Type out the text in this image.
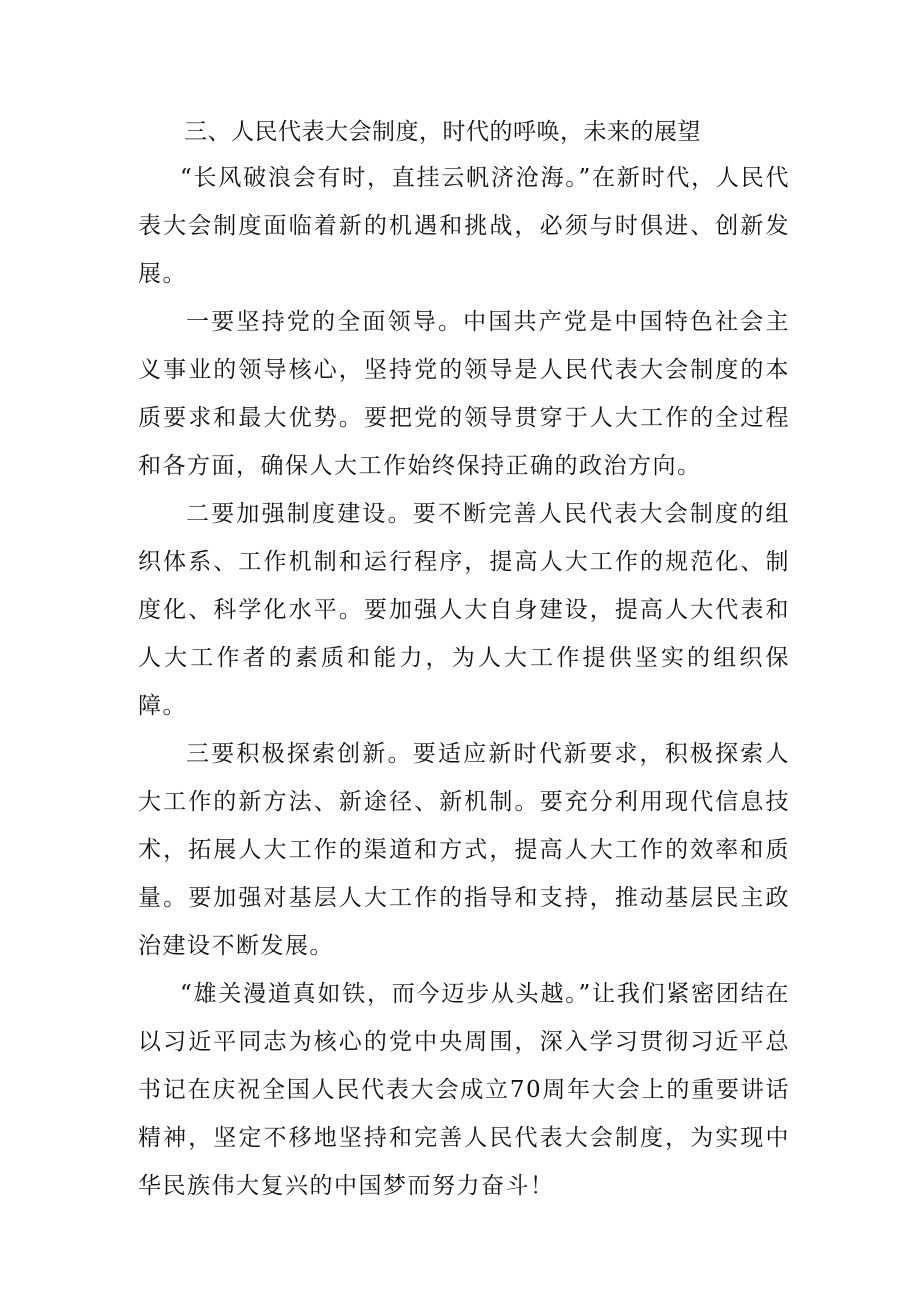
三、人民代表大会制度，时代的呼唤，未来的展望

“长风破浪会有时，直挂云帆济沧海。”在新时代，人民代表大会制度面临着新的机遇和挑战，必须与时俱进、创新发展。

一要坚持党的全面领导。中国共产党是中国特色社会主义事业的领导核心，坚持党的领导是人民代表大会制度的本质要求和最大优势。要把党的领导贯穿于人大工作的全过程和各方面，确保人大工作始终保持正确的政治方向。

二要加强制度建设。要不断完善人民代表大会制度的组织体系、工作机制和运行程序，提高人大工作的规范化、制度化、科学化水平。要加强人大自身建设，提高人大代表和人大工作者的素质和能力，为人大工作提供坚实的组织保障。

三要积极探索创新。要适应新时代新要求，积极探索人大工作的新方法、新途径、新机制。要充分利用现代信息技术，拓展人大工作的渠道和方式，提高人大工作的效率和质量。要加强对基层人大工作的指导和支持，推动基层民主政治建设不断发展。

“雄关漫道真如铁，而今迈步从头越。”让我们紧密团结在以习近平同志为核心的党中央周围，深入学习贯彻习近平总书记在庆祝全国人民代表大会成立70周年大会上的重要讲话精神，坚定不移地坚持和完善人民代表大会制度，为实现中华民族伟大复兴的中国梦而努力奋斗！
